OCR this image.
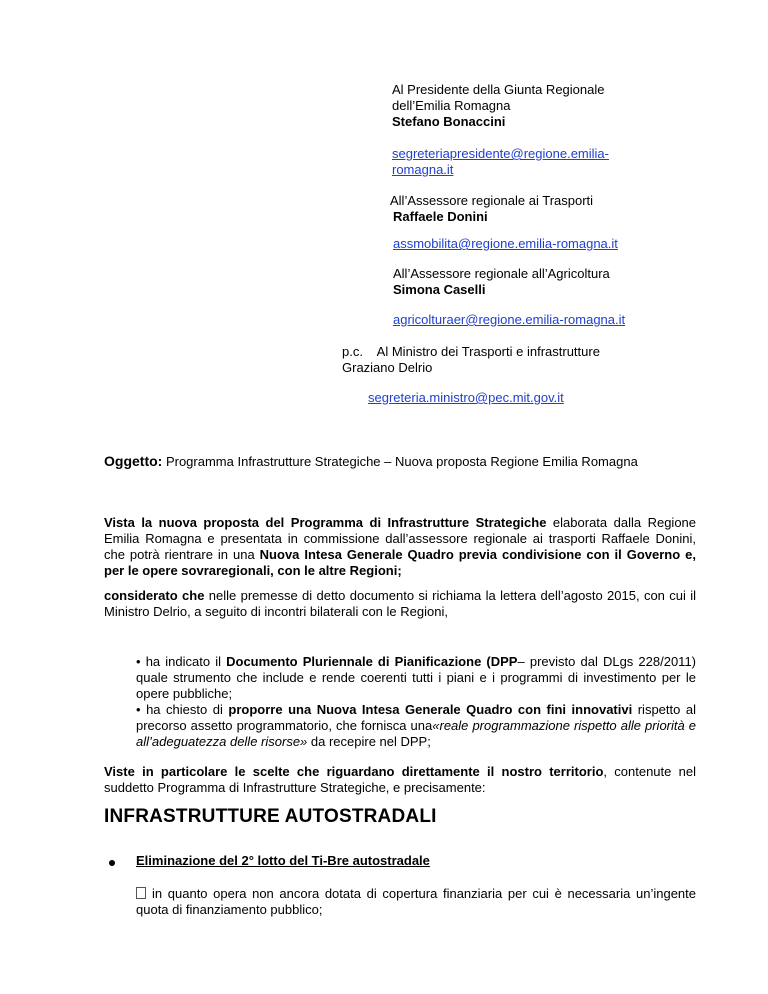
Al Presidente della Giunta Regionale
dell’Emilia Romagna
Stefano Bonaccini
segreteriapresidente@regione.emilia-
romagna.it
All’Assessore regionale ai Trasporti
Raffaele Donini
assmobilita@regione.emilia-romagna.it
All’Assessore regionale all’Agricoltura
Simona Caselli
agricolturaer@regione.emilia-romagna.it
p.c.    Al Ministro dei Trasporti e infrastrutture
Graziano Delrio
segreteria.ministro@pec.mit.gov.it
Oggetto: Programma Infrastrutture Strategiche – Nuova proposta Regione Emilia Romagna
Vista la nuova proposta del Programma di Infrastrutture Strategiche elaborata dalla Regione Emilia Romagna e presentata in commissione dall’assessore regionale ai trasporti Raffaele Donini, che potrà rientrare in una Nuova Intesa Generale Quadro previa condivisione con il Governo e, per le opere sovraregionali, con le altre Regioni;
considerato che nelle premesse di detto documento si richiama la lettera dell’agosto 2015, con cui il Ministro Delrio, a seguito di incontri bilaterali con le Regioni,
• ha indicato il Documento Pluriennale di Pianificazione (DPP– previsto dal DLgs 228/2011) quale strumento che include e rende coerenti tutti i piani e i programmi di investimento per le opere pubbliche;
• ha chiesto di proporre una Nuova Intesa Generale Quadro con fini innovativi rispetto al precorso assetto programmatorio, che fornisca una«reale programmazione rispetto alle priorità e all’adeguatezza delle risorse» da recepire nel DPP;
Viste in particolare le scelte che riguardano direttamente il nostro territorio, contenute nel suddetto Programma di Infrastrutture Strategiche, e precisamente:
INFRASTRUTTURE AUTOSTRADALI
Eliminazione del 2° lotto del Ti-Bre autostradale
in quanto opera non ancora dotata di copertura finanziaria per cui è necessaria un’ingente quota di finanziamento pubblico;
